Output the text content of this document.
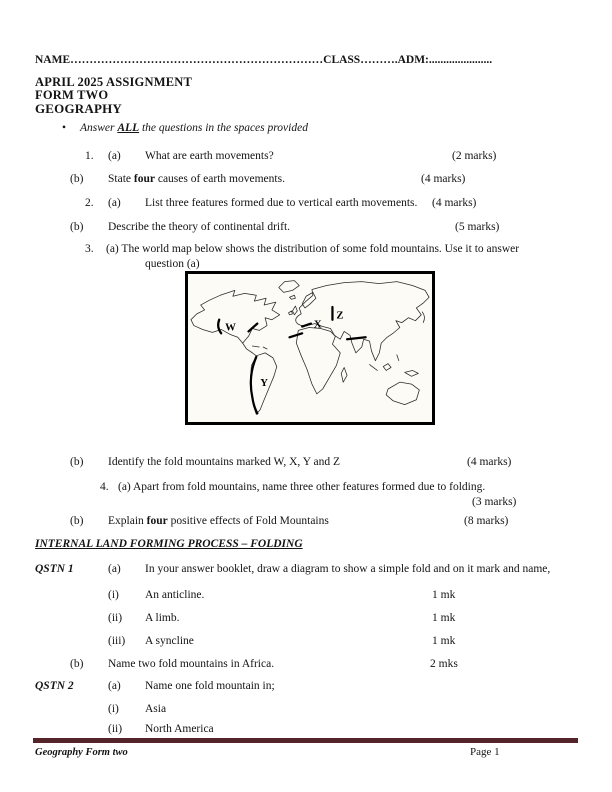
NAME…………………………………………………………CLASS……….ADM:......................
APRIL 2025 ASSIGNMENT
FORM TWO
GEOGRAPHY
• Answer ALL the questions in the spaces provided
1. (a) What are earth movements?	(2 marks)
(b) State four causes of earth movements.	(4 marks)
2. (a) List three features formed due to vertical earth movements. (4 marks)
(b) Describe the theory of continental drift.	(5 marks)
3. (a) The world map below shows the distribution of some fold mountains. Use it to answer
question (a)
W	X
Y
Z
(b) Identify the fold mountains marked W, X, Y and Z	(4 marks)
4. (a) Apart from fold mountains, name three other features formed due to folding.
(3 marks)
(b) Explain four positive effects of Fold Mountains	(8 marks)
INTERNAL LAND FORMING PROCESS – FOLDING
QSTN 1	(a) In your answer booklet, draw a diagram to show a simple fold and on it mark and name,
(i) An anticline.	1 mk
(ii) A limb.	1 mk
(iii) A syncline	1 mk
(b) Name two fold mountains in Africa.	2 mks
QSTN 2	(a) Name one fold mountain in;
(i) Asia
(ii) North America
Geography Form two	Page 1
